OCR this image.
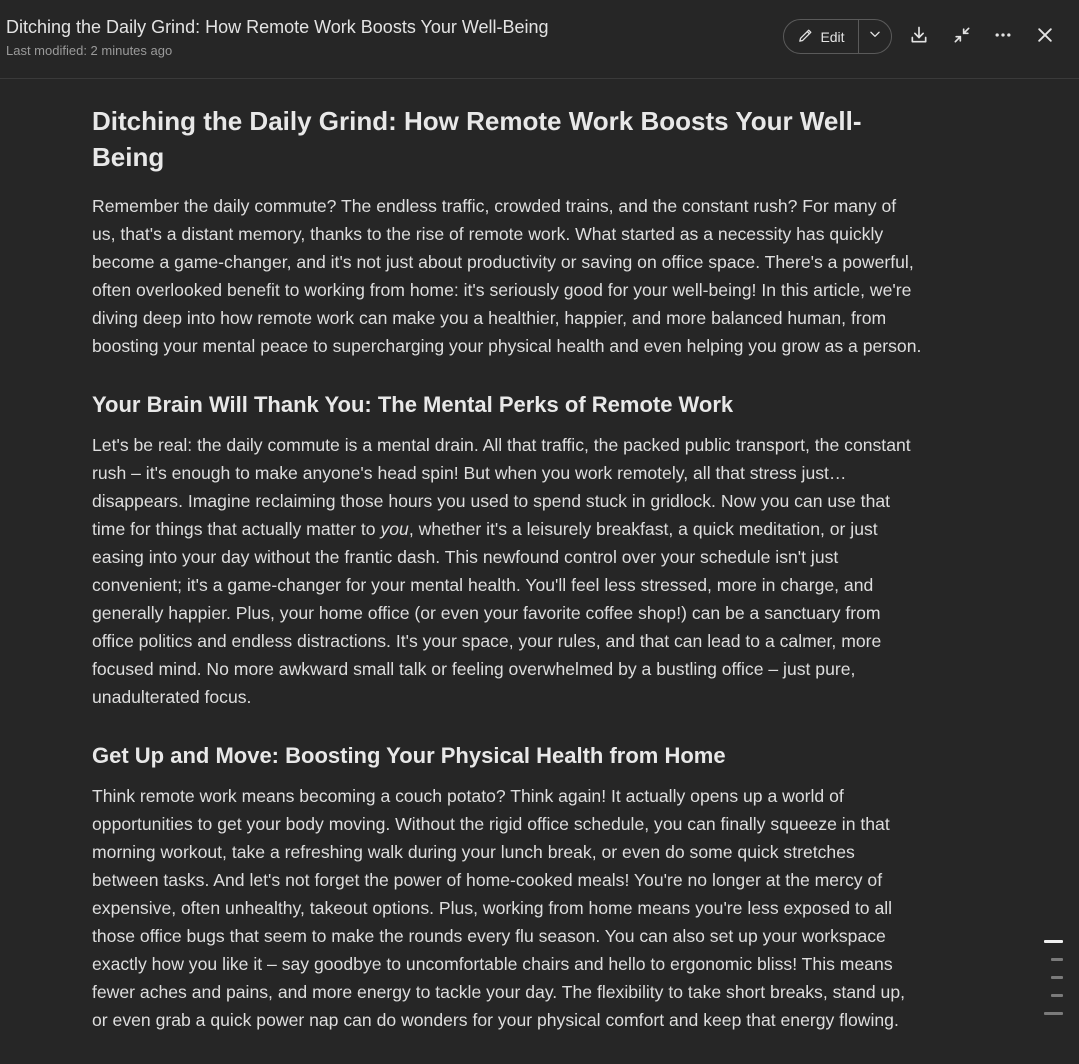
Ditching the Daily Grind: How Remote Work Boosts Your Well-Being
Last modified: 2 minutes ago
Edit
Ditching the Daily Grind: How Remote Work Boosts Your Well-Being

Remember the daily commute? The endless traffic, crowded trains, and the constant rush? For many of us, that's a distant memory, thanks to the rise of remote work. What started as a necessity has quickly become a game-changer, and it's not just about productivity or saving on office space. There's a powerful, often overlooked benefit to working from home: it's seriously good for your well-being! In this article, we're diving deep into how remote work can make you a healthier, happier, and more balanced human, from boosting your mental peace to supercharging your physical health and even helping you grow as a person.

Your Brain Will Thank You: The Mental Perks of Remote Work

Let's be real: the daily commute is a mental drain. All that traffic, the packed public transport, the constant rush – it's enough to make anyone's head spin! But when you work remotely, all that stress just… disappears. Imagine reclaiming those hours you used to spend stuck in gridlock. Now you can use that time for things that actually matter to you, whether it's a leisurely breakfast, a quick meditation, or just easing into your day without the frantic dash. This newfound control over your schedule isn't just convenient; it's a game-changer for your mental health. You'll feel less stressed, more in charge, and generally happier. Plus, your home office (or even your favorite coffee shop!) can be a sanctuary from office politics and endless distractions. It's your space, your rules, and that can lead to a calmer, more focused mind. No more awkward small talk or feeling overwhelmed by a bustling office – just pure, unadulterated focus.

Get Up and Move: Boosting Your Physical Health from Home

Think remote work means becoming a couch potato? Think again! It actually opens up a world of opportunities to get your body moving. Without the rigid office schedule, you can finally squeeze in that morning workout, take a refreshing walk during your lunch break, or even do some quick stretches between tasks. And let's not forget the power of home-cooked meals! You're no longer at the mercy of expensive, often unhealthy, takeout options. Plus, working from home means you're less exposed to all those office bugs that seem to make the rounds every flu season. You can also set up your workspace exactly how you like it – say goodbye to uncomfortable chairs and hello to ergonomic bliss! This means fewer aches and pains, and more energy to tackle your day. The flexibility to take short breaks, stand up, or even grab a quick power nap can do wonders for your physical comfort and keep that energy flowing.
